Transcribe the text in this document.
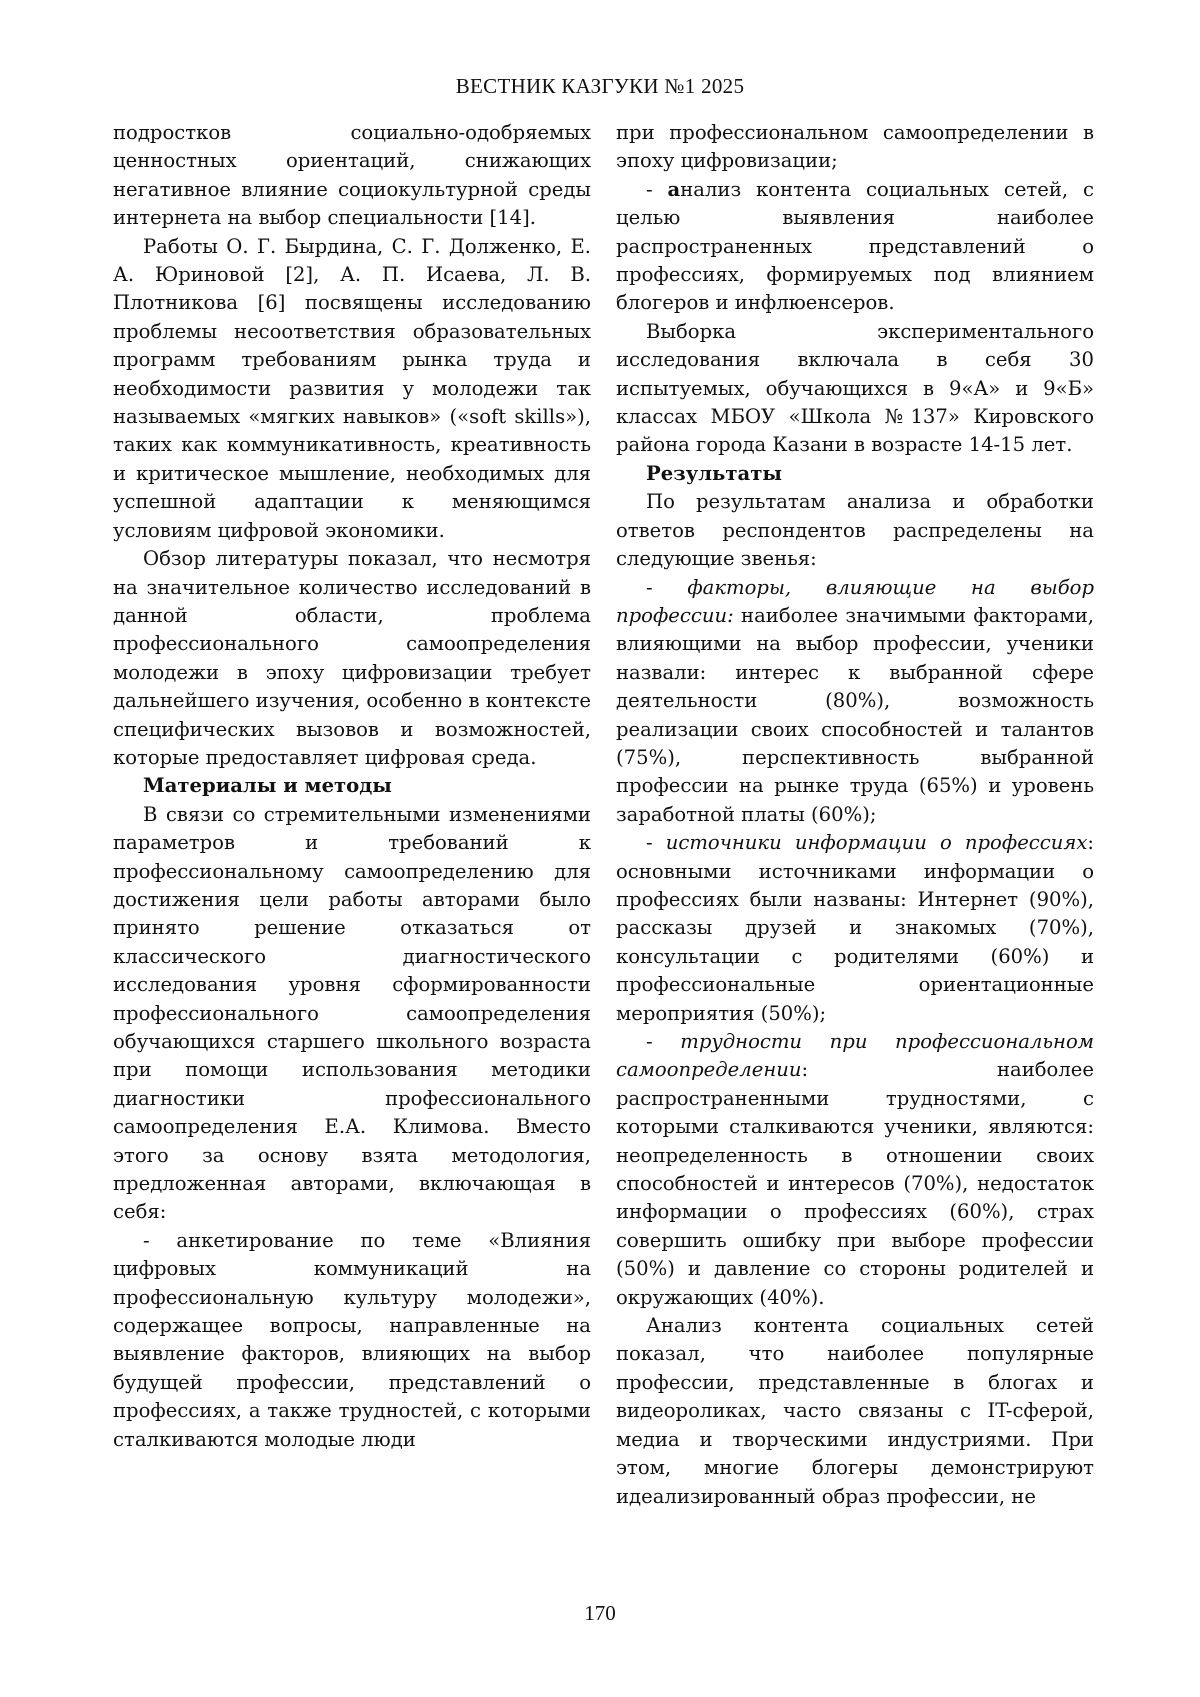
ВЕСТНИК КАЗГУКИ №1 2025

подростков социально-одобряемых ценностных ориентаций, снижающих негативное влияние социокультурной среды интернета на выбор специальности [14].

Работы О. Г. Бырдина, С. Г. Долженко, Е. А. Юриновой [2], А. П. Исаева, Л. В. Плотникова [6] посвящены исследованию проблемы несоответствия образовательных программ требованиям рынка труда и необходимости развития у молодежи так называемых «мягких навыков» («soft skills»), таких как коммуникативность, креативность и критическое мышление, необходимых для успешной адаптации к меняющимся условиям цифровой экономики.

Обзор литературы показал, что несмотря на значительное количество исследований в данной области, проблема профессионального самоопределения молодежи в эпоху цифровизации требует дальнейшего изучения, особенно в контексте специфических вызовов и возможностей, которые предоставляет цифровая среда.

Материалы и методы

В связи со стремительными изменениями параметров и требований к профессиональному самоопределению для достижения цели работы авторами было принято решение отказаться от классического диагностического исследования уровня сформированности профессионального самоопределения обучающихся старшего школьного возраста при помощи использования методики диагностики профессионального самоопределения Е.А. Климова. Вместо этого за основу взята методология, предложенная авторами, включающая в себя:

- анкетирование по теме «Влияния цифровых коммуникаций на профессиональную культуру молодежи», содержащее вопросы, направленные на выявление факторов, влияющих на выбор будущей профессии, представлений о профессиях, а также трудностей, с которыми сталкиваются молодые люди

при профессиональном самоопределении в эпоху цифровизации;

- анализ контента социальных сетей, с целью выявления наиболее распространенных представлений о профессиях, формируемых под влиянием блогеров и инфлюенсеров.

Выборка экспериментального исследования включала в себя 30 испытуемых, обучающихся в 9«А» и 9«Б» классах МБОУ «Школа №137» Кировского района города Казани в возрасте 14-15 лет.

Результаты

По результатам анализа и обработки ответов респондентов распределены на следующие звенья:

- факторы, влияющие на выбор профессии: наиболее значимыми факторами, влияющими на выбор профессии, ученики назвали: интерес к выбранной сфере деятельности (80%), возможность реализации своих способностей и талантов (75%), перспективность выбранной профессии на рынке труда (65%) и уровень заработной платы (60%);

- источники информации о профессиях: основными источниками информации о профессиях были названы: Интернет (90%), рассказы друзей и знакомых (70%), консультации с родителями (60%) и профессиональные ориентационные мероприятия (50%);

- трудности при профессиональном самоопределении: наиболее распространенными трудностями, с которыми сталкиваются ученики, являются: неопределенность в отношении своих способностей и интересов (70%), недостаток информации о профессиях (60%), страх совершить ошибку при выборе профессии (50%) и давление со стороны родителей и окружающих (40%).

Анализ контента социальных сетей показал, что наиболее популярные профессии, представленные в блогах и видеороликах, часто связаны с IT-сферой, медиа и творческими индустриями. При этом, многие блогеры демонстрируют идеализированный образ профессии, не

170
